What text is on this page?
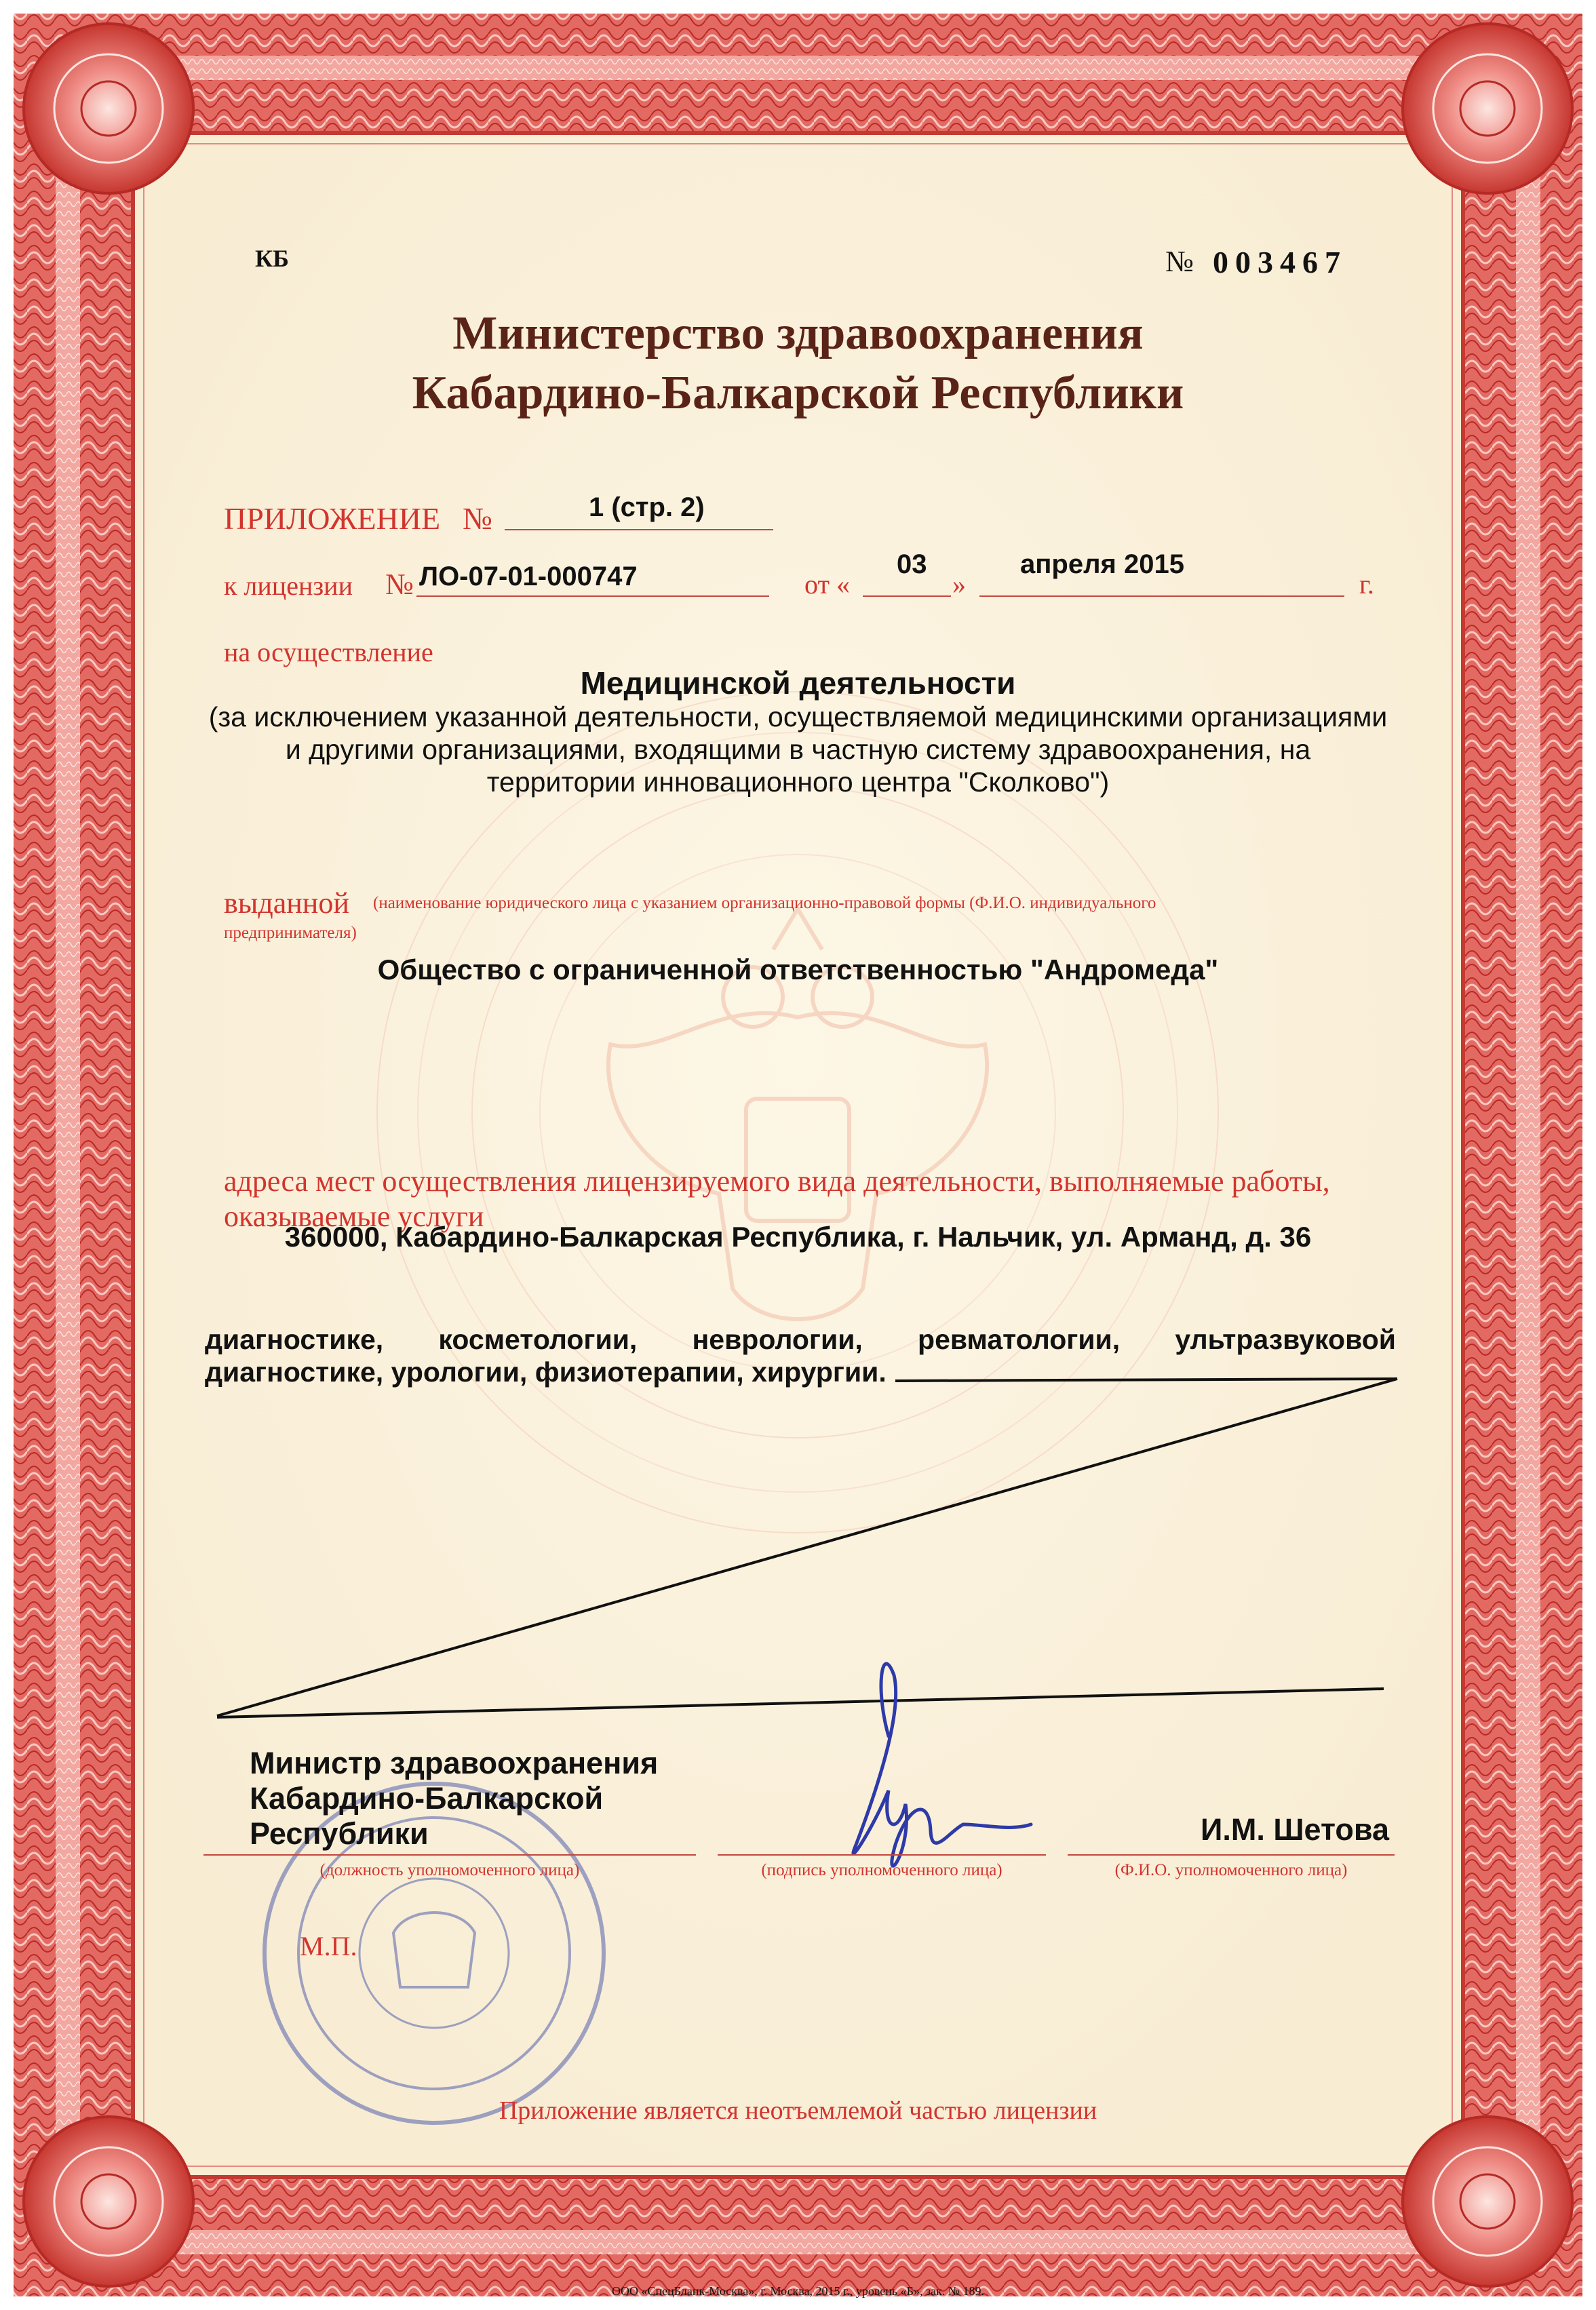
КБ	№ 003467
Министерство здравоохранения
Кабардино-Балкарской Республики
ПРИЛОЖЕНИЕ №	1 (стр. 2)
к лицензии № ЛО-07-01-000747	от «
03
»
апреля 2015
г.
на осуществление
Медицинской деятельности
(за исключением указанной деятельности, осуществляемой медицинскими организациями
и другими организациями, входящими в частную систему здравоохранения, на
территории инновационного центра "Сколково")
выданной (наименование юридического лица с указанием организационно-правовой формы (Ф.И.О. индивидуального
предпринимателя)
Общество с ограниченной ответственностью "Андромеда"
адреса мест осуществления лицензируемого вида деятельности, выполняемые работы,
оказываемые услуги
360000, Кабардино-Балкарская Республика, г. Нальчик, ул. Арманд, д. 36
диагностике, косметологии, неврологии, ревматологии, ультразвуковой
диагностике, урологии, физиотерапии, хирургии.
Министр здравоохранения
Кабардино-Балкарской
Республики	И.М. Шетова
(должность уполномоченного лица)	(подпись уполномоченного лица)	(Ф.И.О. уполномоченного лица)
М.П.
Приложение является неотъемлемой частью лицензии
ООО «СпецБланк-Москва», г. Москва, 2015 г., уровень «Б», зак. № 189.
